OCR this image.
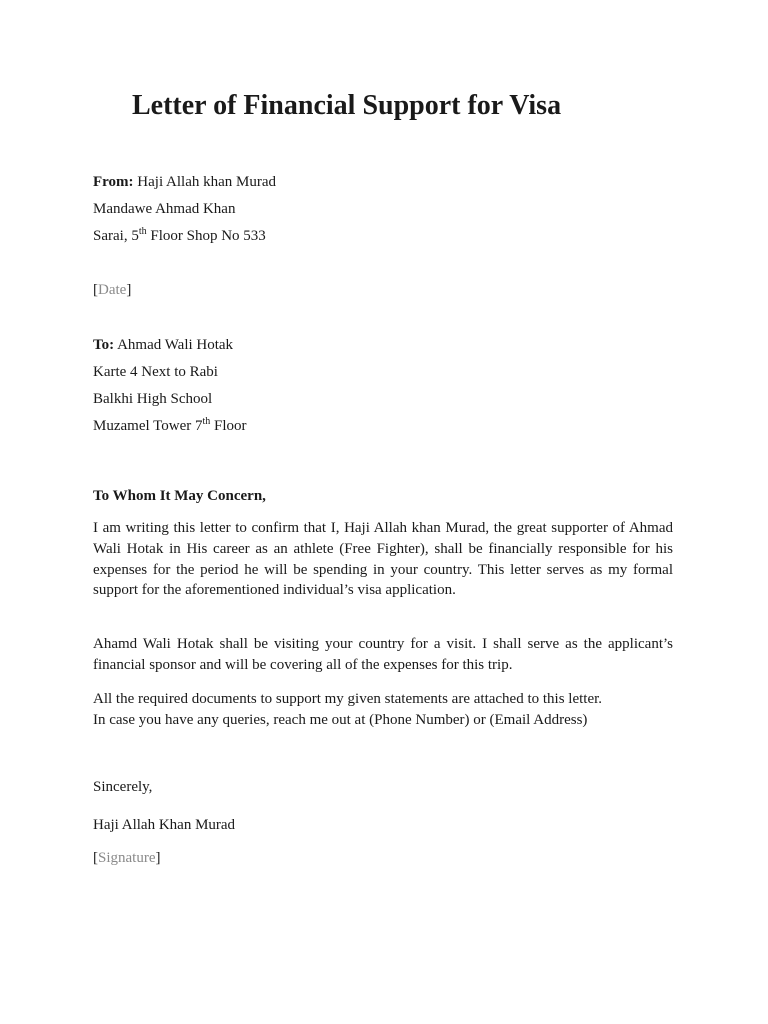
Letter of Financial Support for Visa

From: Haji Allah khan Murad

Mandawe Ahmad Khan

Sarai, 5th Floor Shop No 533

[Date]

To: Ahmad Wali Hotak

Karte 4 Next to Rabi

Balkhi High School

Muzamel Tower 7th Floor

To Whom It May Concern,

I am writing this letter to confirm that I, Haji Allah khan Murad, the great supporter of Ahmad Wali Hotak in His career as an athlete (Free Fighter), shall be financially responsible for his expenses for the period he will be spending in your country. This letter serves as my formal support for the aforementioned individual’s visa application.

Ahamd Wali Hotak shall be visiting your country for a visit. I shall serve as the applicant’s financial sponsor and will be covering all of the expenses for this trip.

All the required documents to support my given statements are attached to this letter.
In case you have any queries, reach me out at (Phone Number) or (Email Address)

Sincerely,

Haji Allah Khan Murad

[Signature]
